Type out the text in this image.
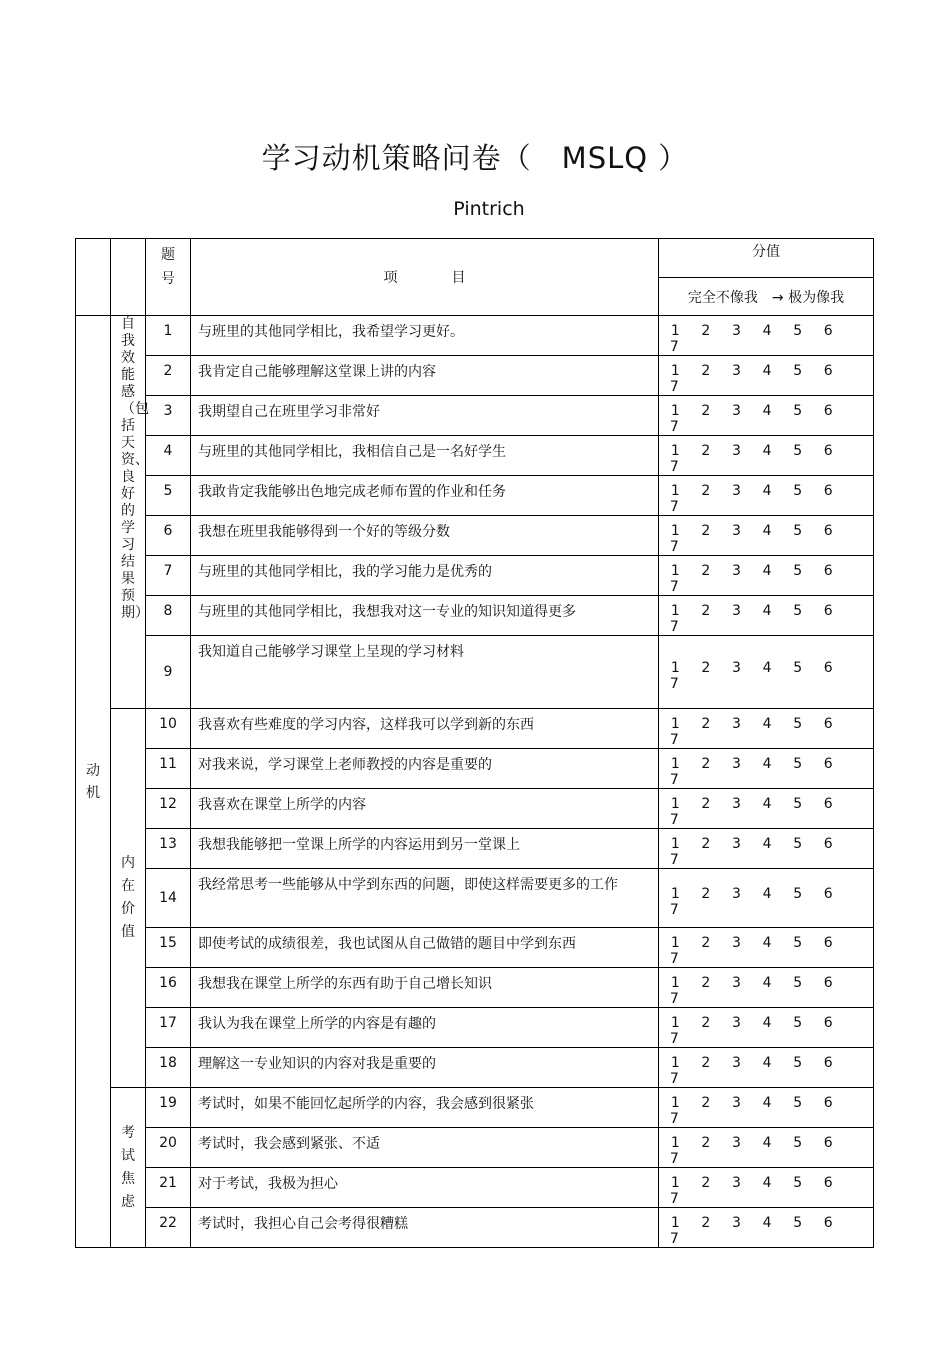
学习动机策略问卷（　MSLQ ）
Pintrich

		题号	项 目	分值
				完全不像我　→ 极为像我

动机	自我效能感（包括天资、良好的学习结果预期）	1	与班里的其他同学相比，我希望学习更好。	1 2 3 4 5 67
		2	我肯定自己能够理解这堂课上讲的内容	1 2 3 4 5 67
		3	我期望自己在班里学习非常好	1 2 3 4 5 67
		4	与班里的其他同学相比，我相信自己是一名好学生	1 2 3 4 5 67
		5	我敢肯定我能够出色地完成老师布置的作业和任务	1 2 3 4 5 67
		6	我想在班里我能够得到一个好的等级分数	1 2 3 4 5 67
		7	与班里的其他同学相比，我的学习能力是优秀的	1 2 3 4 5 67
		8	与班里的其他同学相比，我想我对这一专业的知识知道得更多	1 2 3 4 5 67
		9	我知道自己能够学习课堂上呈现的学习材料	1 2 3 4 5 67

	内在价值	10	我喜欢有些难度的学习内容，这样我可以学到新的东西	1 2 3 4 5 67
		11	对我来说，学习课堂上老师教授的内容是重要的	1 2 3 4 5 67
		12	我喜欢在课堂上所学的内容	1 2 3 4 5 67
		13	我想我能够把一堂课上所学的内容运用到另一堂课上	1 2 3 4 5 67
		14	我经常思考一些能够从中学到东西的问题，即使这样需要更多的工作	1 2 3 4 5 67
		15	即使考试的成绩很差，我也试图从自己做错的题目中学到东西	1 2 3 4 5 67
		16	我想我在课堂上所学的东西有助于自己增长知识	1 2 3 4 5 67
		17	我认为我在课堂上所学的内容是有趣的	1 2 3 4 5 67
		18	理解这一专业知识的内容对我是重要的	1 2 3 4 5 67

	考试焦虑	19	考试时，如果不能回忆起所学的内容，我会感到很紧张	1 2 3 4 5 67
		20	考试时，我会感到紧张、不适	1 2 3 4 5 67
		21	对于考试，我极为担心	1 2 3 4 5 67
		22	考试时，我担心自己会考得很糟糕	1 2 3 4 5 67
